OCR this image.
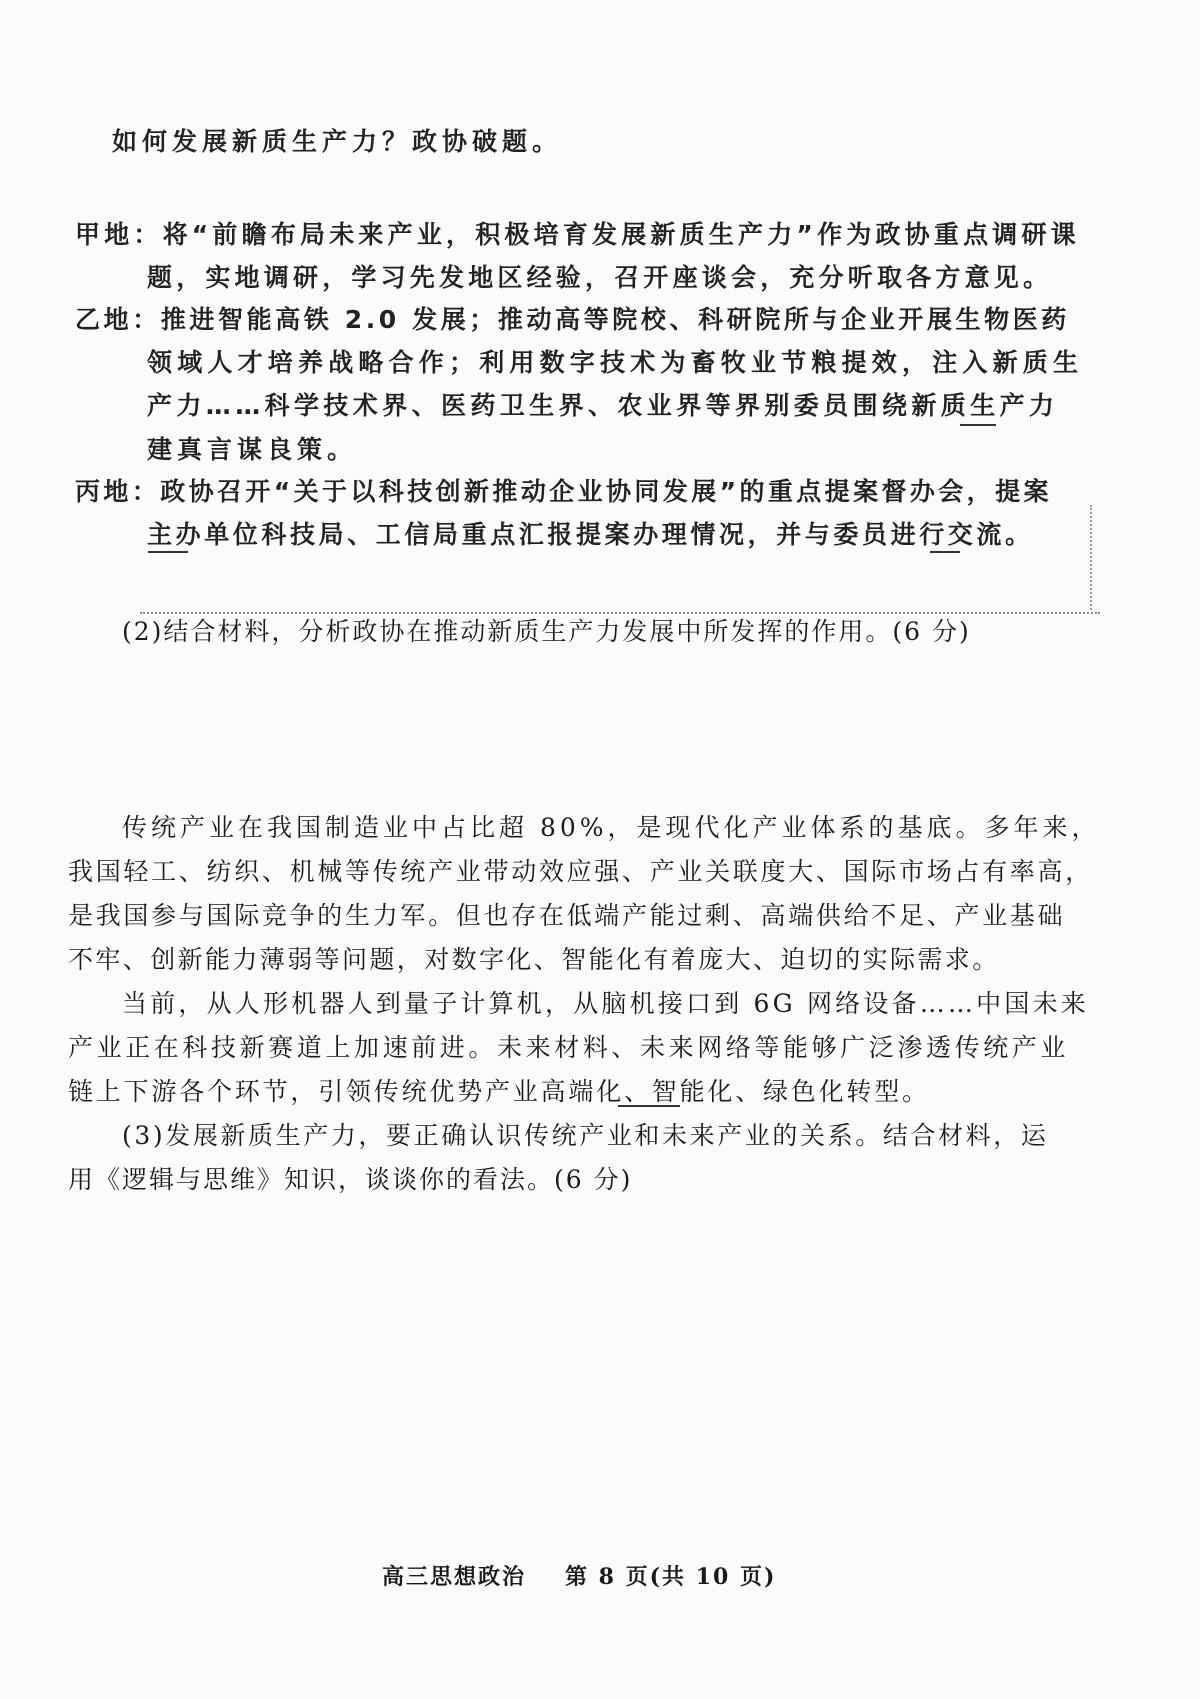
如何发展新质生产力？政协破题。
甲地：将“前瞻布局未来产业，积极培育发展新质生产力”作为政协重点调研课
题，实地调研，学习先发地区经验，召开座谈会，充分听取各方意见。
乙地：推进智能高铁 2.0 发展；推动高等院校、科研院所与企业开展生物医药
领域人才培养战略合作；利用数字技术为畜牧业节粮提效，注入新质生
产力……科学技术界、医药卫生界、农业界等界别委员围绕新质生产力
建真言谋良策。
丙地：政协召开“关于以科技创新推动企业协同发展”的重点提案督办会，提案
主办单位科技局、工信局重点汇报提案办理情况，并与委员进行交流。
(2)结合材料，分析政协在推动新质生产力发展中所发挥的作用。(6 分)
传统产业在我国制造业中占比超 80%，是现代化产业体系的基底。多年来，
我国轻工、纺织、机械等传统产业带动效应强、产业关联度大、国际市场占有率高，
是我国参与国际竞争的生力军。但也存在低端产能过剩、高端供给不足、产业基础
不牢、创新能力薄弱等问题，对数字化、智能化有着庞大、迫切的实际需求。
当前，从人形机器人到量子计算机，从脑机接口到 6G 网络设备……中国未来
产业正在科技新赛道上加速前进。未来材料、未来网络等能够广泛渗透传统产业
链上下游各个环节，引领传统优势产业高端化、智能化、绿色化转型。
(3)发展新质生产力，要正确认识传统产业和未来产业的关系。结合材料，运
用《逻辑与思维》知识，谈谈你的看法。(6 分)
高三思想政治 第 8 页(共 10 页)
